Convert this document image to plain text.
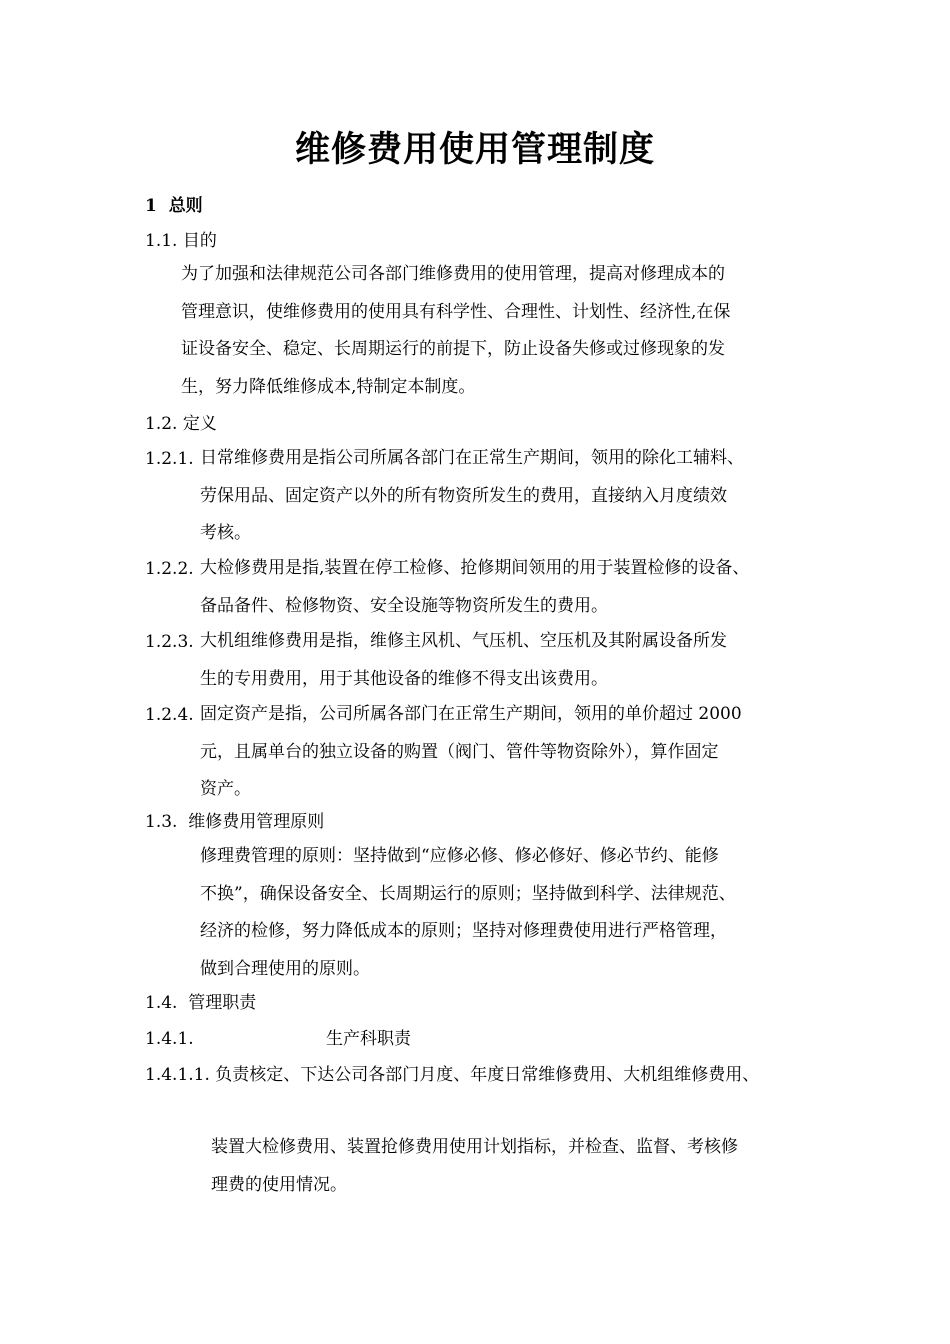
维修费用使用管理制度
1 总则
1.1. 目的
为了加强和法律规范公司各部门维修费用的使用管理，提高对修理成本的
管理意识，使维修费用的使用具有科学性、合理性、计划性、经济性,在保
证设备安全、稳定、长周期运行的前提下，防止设备失修或过修现象的发
生，努力降低维修成本,特制定本制度。
1.2. 定义
1.2.1. 日常维修费用是指公司所属各部门在正常生产期间，领用的除化工辅料、
劳保用品、固定资产以外的所有物资所发生的费用，直接纳入月度绩效
考核。
1.2.2. 大检修费用是指,装置在停工检修、抢修期间领用的用于装置检修的设备、
备品备件、检修物资、安全设施等物资所发生的费用。
1.2.3. 大机组维修费用是指，维修主风机、气压机、空压机及其附属设备所发
生的专用费用，用于其他设备的维修不得支出该费用。
1.2.4. 固定资产是指，公司所属各部门在正常生产期间，领用的单价超过 2000
元，且属单台的独立设备的购置（阀门、管件等物资除外），算作固定
资产。
1.3. 维修费用管理原则
修理费管理的原则：坚持做到“应修必修、修必修好、修必节约、能修
不换”，确保设备安全、长周期运行的原则；坚持做到科学、法律规范、
经济的检修，努力降低成本的原则；坚持对修理费使用进行严格管理，
做到合理使用的原则。
1.4. 管理职责
1.4.1.	生产科职责
1.4.1.1. 负责核定、下达公司各部门月度、年度日常维修费用、大机组维修费用、
装置大检修费用、装置抢修费用使用计划指标，并检查、监督、考核修
理费的使用情况。
